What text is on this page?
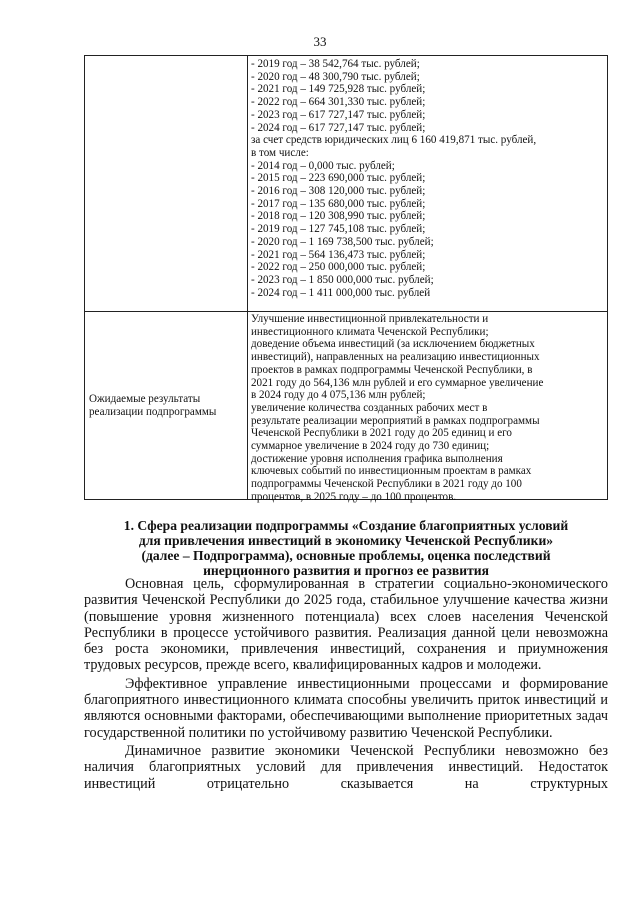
33
- 2019 год – 38 542,764 тыс. рублей;
- 2020 год – 48 300,790 тыс. рублей;
- 2021 год – 149 725,928 тыс. рублей;
- 2022 год – 664 301,330 тыс. рублей;
- 2023 год – 617 727,147 тыс. рублей;
- 2024 год – 617 727,147 тыс. рублей;
за счет средств юридических лиц 6 160 419,871 тыс. рублей,
в том числе:
- 2014 год – 0,000 тыс. рублей;
- 2015 год – 223 690,000 тыс. рублей;
- 2016 год – 308 120,000 тыс. рублей;
- 2017 год – 135 680,000 тыс. рублей;
- 2018 год – 120 308,990 тыс. рублей;
- 2019 год – 127 745,108 тыс. рублей;
- 2020 год – 1 169 738,500 тыс. рублей;
- 2021 год – 564 136,473 тыс. рублей;
- 2022 год – 250 000,000 тыс. рублей;
- 2023 год – 1 850 000,000 тыс. рублей;
- 2024 год – 1 411 000,000 тыс. рублей
Ожидаемые результаты реализации подпрограммы
Улучшение инвестиционной привлекательности и
инвестиционного климата Чеченской Республики;
доведение объема инвестиций (за исключением бюджетных
инвестиций), направленных на реализацию инвестиционных
проектов в рамках подпрограммы Чеченской Республики, в
2021 году до 564,136 млн рублей и его суммарное увеличение
в 2024 году до 4 075,136 млн рублей;
увеличение количества созданных рабочих мест в
результате реализации мероприятий в рамках подпрограммы
Чеченской Республики в 2021 году до 205 единиц и его
суммарное увеличение в 2024 году до 730 единиц;
достижение уровня исполнения графика выполнения
ключевых событий по инвестиционным проектам в рамках
подпрограммы Чеченской Республики в 2021 году до 100
процентов, в 2025 году – до 100 процентов.
1. Сфера реализации подпрограммы «Создание благоприятных условий
для привлечения инвестиций в экономику Чеченской Республики»
(далее – Подпрограмма), основные проблемы, оценка последствий
инерционного развития и прогноз ее развития

Основная цель, сформулированная в стратегии социально-экономического развития Чеченской Республики до 2025 года, стабильное улучшение качества жизни (повышение уровня жизненного потенциала) всех слоев населения Чеченской Республики в процессе устойчивого развития. Реализация данной цели невозможна без роста экономики, привлечения инвестиций, сохранения и приумножения трудовых ресурсов, прежде всего, квалифицированных кадров и молодежи.

Эффективное управление инвестиционными процессами и формирование благоприятного инвестиционного климата способны увеличить приток инвестиций и являются основными факторами, обеспечивающими выполнение приоритетных задач государственной политики по устойчивому развитию Чеченской Республики.

Динамичное развитие экономики Чеченской Республики невозможно без наличия благоприятных условий для привлечения инвестиций. Недостаток инвестиций отрицательно сказывается на структурных
